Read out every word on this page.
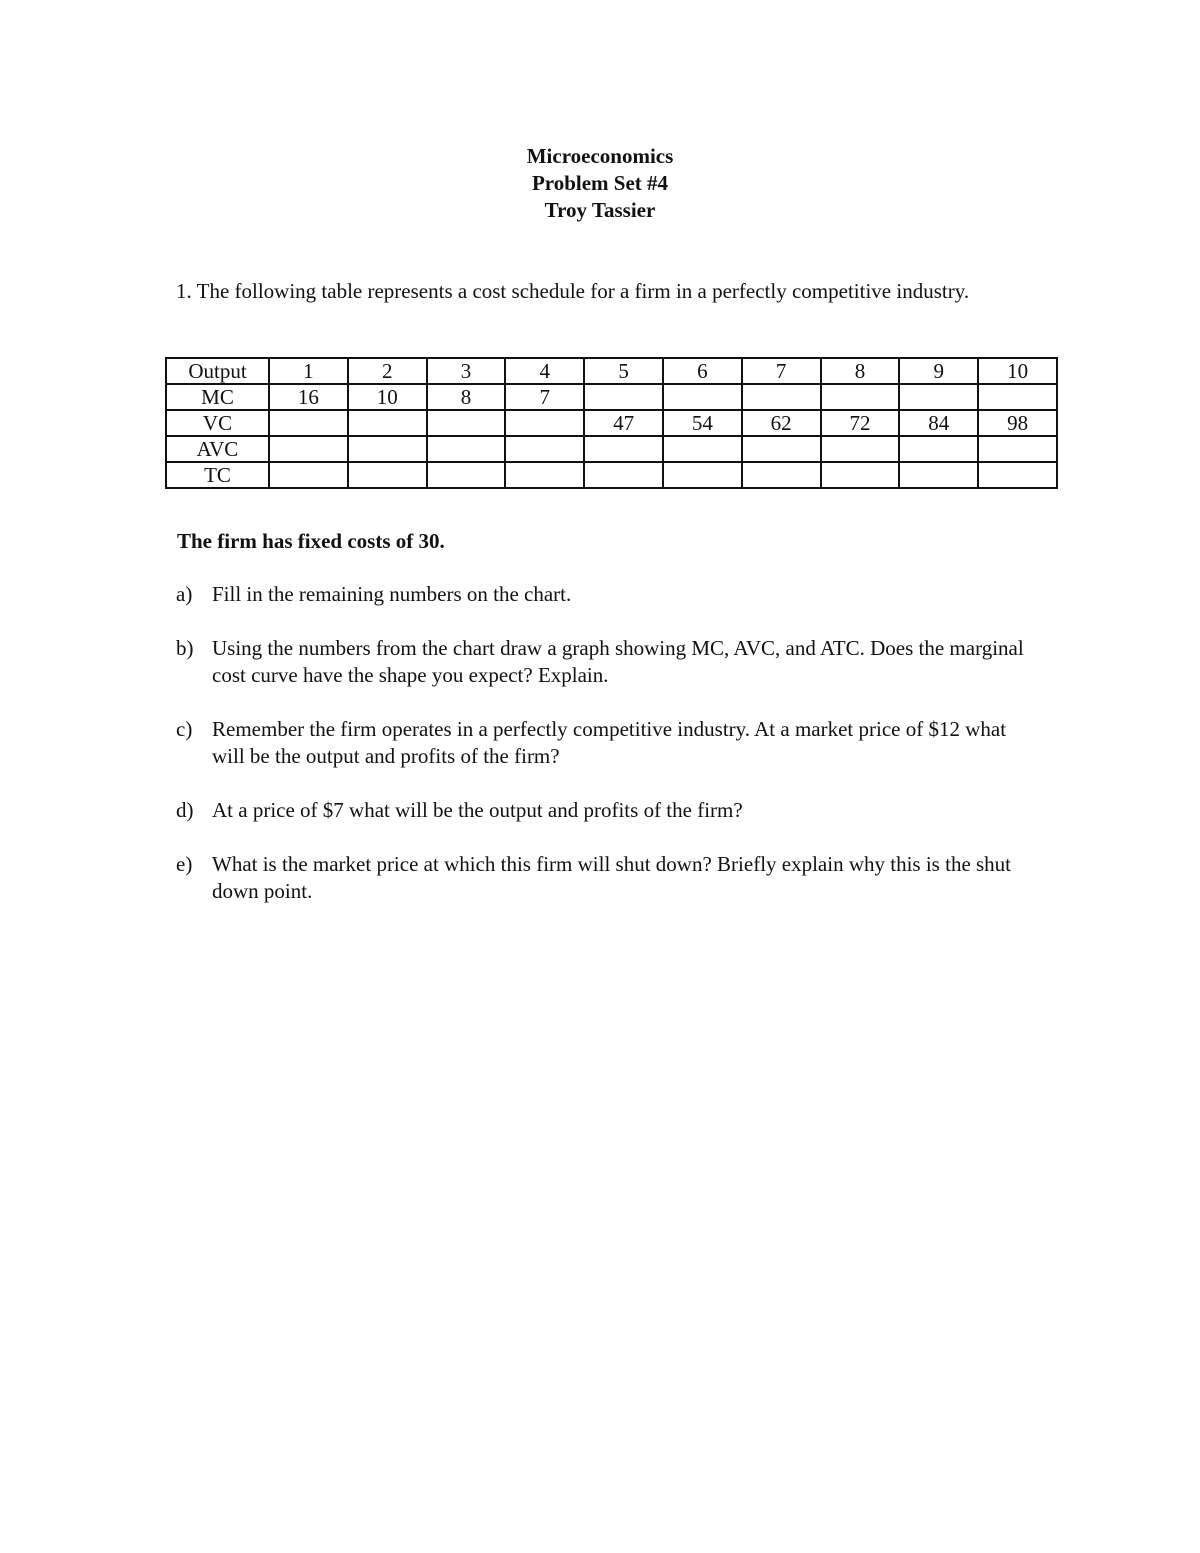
Microeconomics
Problem Set #4
Troy Tassier
1. The following table represents a cost schedule for a firm in a perfectly competitive industry.
Output	1	2	3	4	5	6	7	8	9	10
MC	16	10	8	7						
VC					47	54	62	72	84	98
AVC										
TC										
The firm has fixed costs of 30.
a) Fill in the remaining numbers on the chart.
b) Using the numbers from the chart draw a graph showing MC, AVC, and ATC. Does the marginal cost curve have the shape you expect? Explain.
c) Remember the firm operates in a perfectly competitive industry. At a market price of $12 what will be the output and profits of the firm?
d) At a price of $7 what will be the output and profits of the firm?
e) What is the market price at which this firm will shut down? Briefly explain why this is the shut down point.
